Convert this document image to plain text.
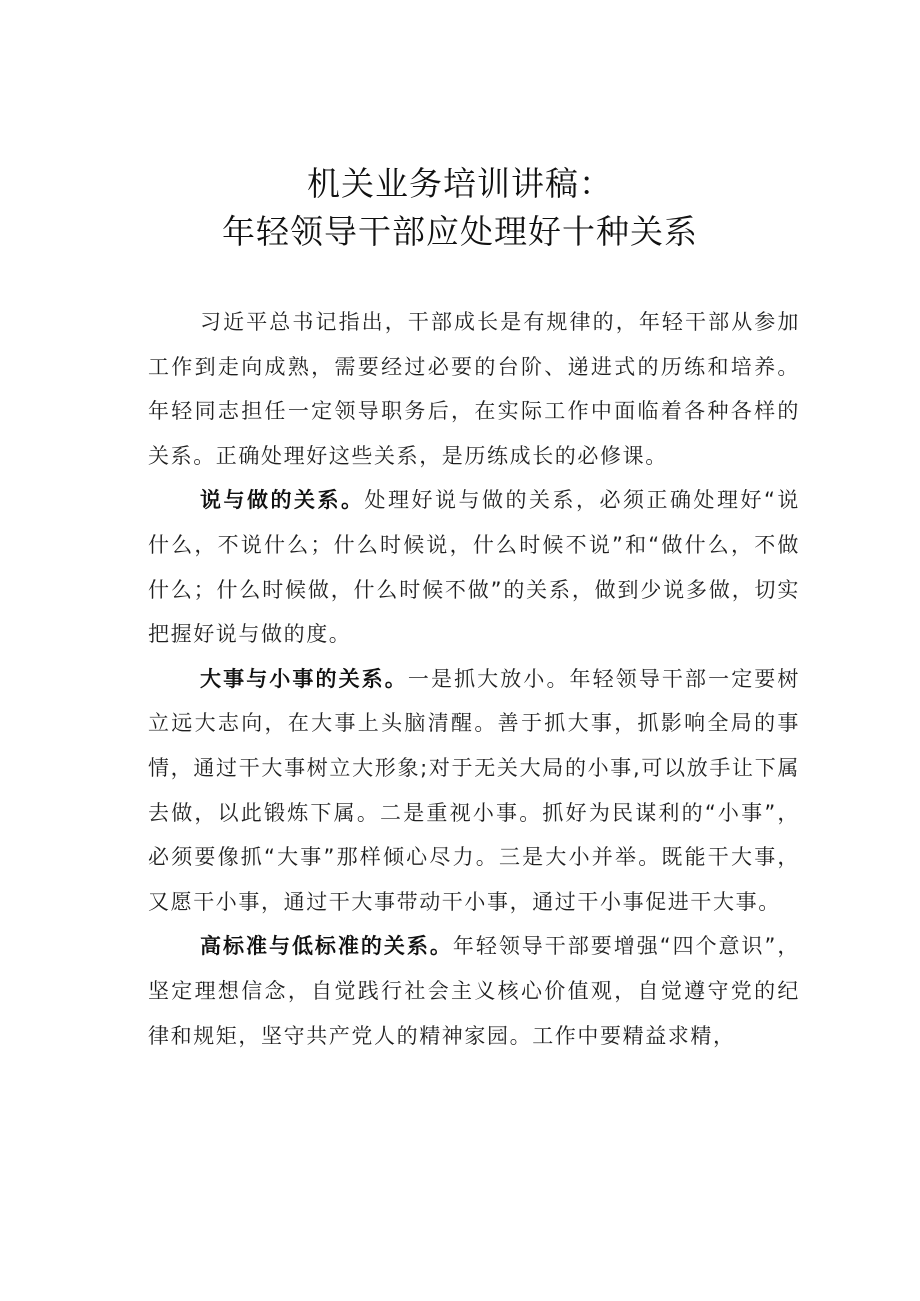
机关业务培训讲稿：
年轻领导干部应处理好十种关系

习近平总书记指出，干部成长是有规律的，年轻干部从参加工作到走向成熟，需要经过必要的台阶、递进式的历练和培养。年轻同志担任一定领导职务后，在实际工作中面临着各种各样的关系。正确处理好这些关系，是历练成长的必修课。

说与做的关系。处理好说与做的关系，必须正确处理好“说什么，不说什么；什么时候说，什么时候不说”和“做什么，不做什么；什么时候做，什么时候不做”的关系，做到少说多做，切实把握好说与做的度。

大事与小事的关系。一是抓大放小。年轻领导干部一定要树立远大志向，在大事上头脑清醒。善于抓大事，抓影响全局的事情，通过干大事树立大形象;对于无关大局的小事,可以放手让下属去做，以此锻炼下属。二是重视小事。抓好为民谋利的“小事”，必须要像抓“大事”那样倾心尽力。三是大小并举。既能干大事，又愿干小事，通过干大事带动干小事，通过干小事促进干大事。

高标准与低标准的关系。年轻领导干部要增强“四个意识”，坚定理想信念，自觉践行社会主义核心价值观，自觉遵守党的纪律和规矩，坚守共产党人的精神家园。工作中要精益求精，
